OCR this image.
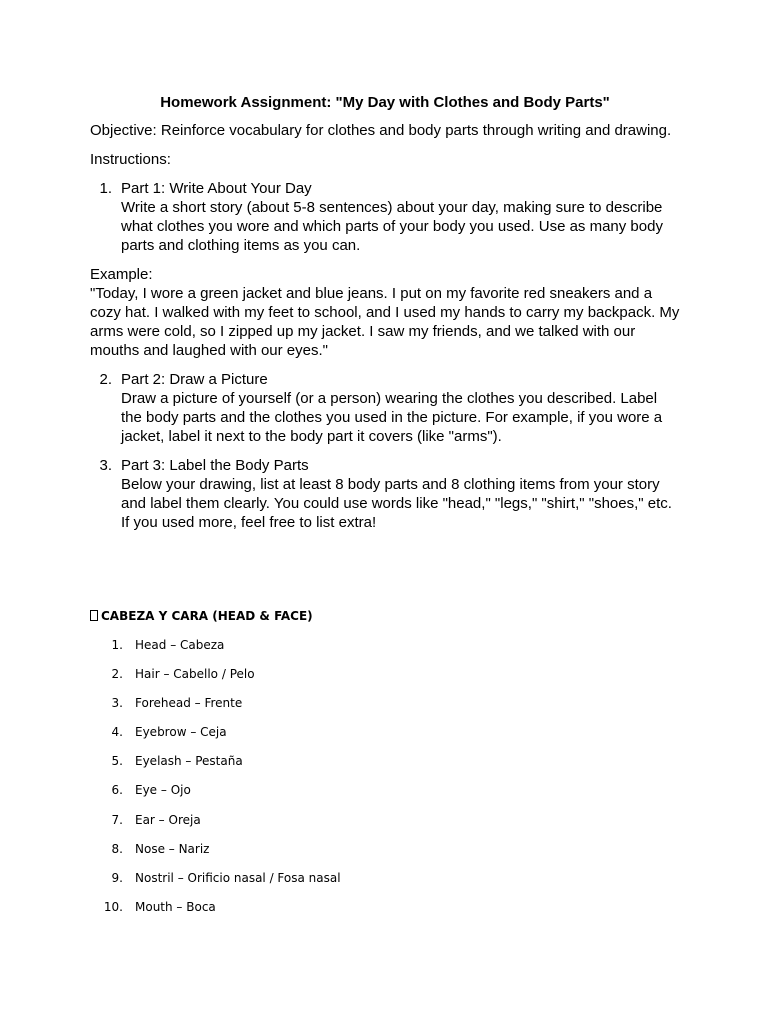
Homework Assignment: "My Day with Clothes and Body Parts"

Objective: Reinforce vocabulary for clothes and body parts through writing and drawing.

Instructions:

1. Part 1: Write About Your Day
Write a short story (about 5-8 sentences) about your day, making sure to describe what clothes you wore and which parts of your body you used. Use as many body parts and clothing items as you can.
Example:
"Today, I wore a green jacket and blue jeans. I put on my favorite red sneakers and a cozy hat. I walked with my feet to school, and I used my hands to carry my backpack. My arms were cold, so I zipped up my jacket. I saw my friends, and we talked with our mouths and laughed with our eyes."
2. Part 2: Draw a Picture
Draw a picture of yourself (or a person) wearing the clothes you described. Label the body parts and the clothes you used in the picture. For example, if you wore a jacket, label it next to the body part it covers (like "arms").
3. Part 3: Label the Body Parts
Below your drawing, list at least 8 body parts and 8 clothing items from your story and label them clearly. You could use words like "head," "legs," "shirt," "shoes," etc. If you used more, feel free to list extra!

CABEZA Y CARA (HEAD & FACE)

1. Head – Cabeza
2. Hair – Cabello / Pelo
3. Forehead – Frente
4. Eyebrow – Ceja
5. Eyelash – Pestaña
6. Eye – Ojo
7. Ear – Oreja
8. Nose – Nariz
9. Nostril – Orificio nasal / Fosa nasal
10. Mouth – Boca
